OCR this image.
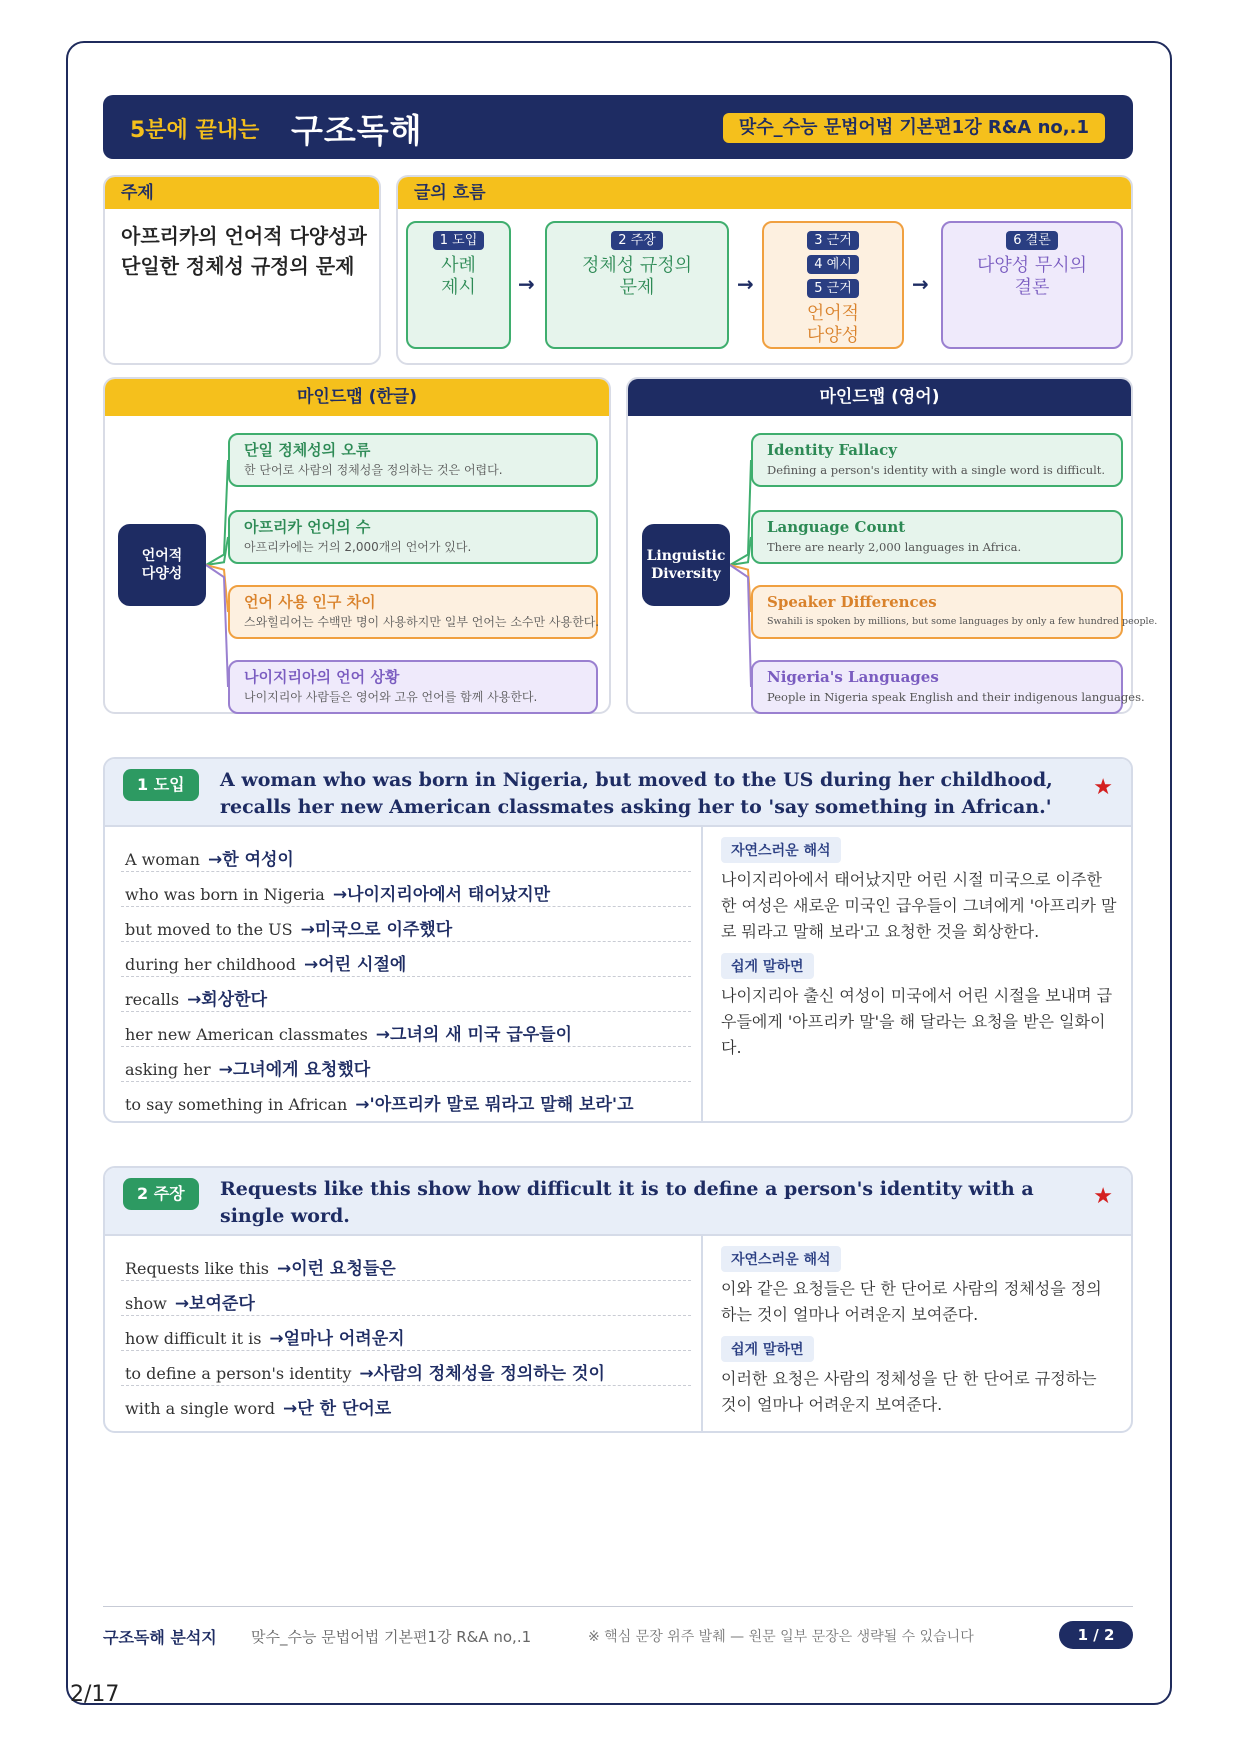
5분에 끝내는 구조독해	맞수_수능 문법어법 기본편1강 R&A no,.1
주제
아프리카의 언어적 다양성과 단일한 정체성 규정의 문제
글의 흐름
1 도입
사례
제시	→
2 주장
정체성 규정의
문제	→
3 근거
4 예시
5 근거
언어적
다양성
→
6 결론
다양성 무시의
결론
마인드맵 (한글)	마인드맵 (영어)
언어적
다양성
단일 정체성의 오류
한 단어로 사람의 정체성을 정의하는 것은 어렵다.
아프리카 언어의 수
아프리카에는 거의 2,000개의 언어가 있다.
언어 사용 인구 차이
스와힐리어는 수백만 명이 사용하지만 일부 언어는 소수만 사용한다.
나이지리아의 언어 상황
나이지리아 사람들은 영어와 고유 언어를 함께 사용한다.
Linguistic
Diversity
Identity Fallacy
Defining a person's identity with a single word is difficult.
Language Count
There are nearly 2,000 languages in Africa.
Speaker Differences
Swahili is spoken by millions, but some languages by only a few hundred people.
Nigeria's Languages
People in Nigeria speak English and their indigenous languages.
1 도입	A woman who was born in Nigeria, but moved to the US during her childhood, recalls her new American classmates asking her to 'say something in African.'
★
A woman →한 여성이
who was born in Nigeria →나이지리아에서 태어났지만
but moved to the US →미국으로 이주했다
during her childhood →어린 시절에
recalls →회상한다
her new American classmates →그녀의 새 미국 급우들이
asking her →그녀에게 요청했다
to say something in African →'아프리카 말로 뭐라고 말해 보라'고
자연스러운 해석
나이지리아에서 태어났지만 어린 시절 미국으로 이주한 한 여성은 새로운 미국인 급우들이 그녀에게 '아프리카 말로 뭐라고 말해 보라'고 요청한 것을 회상한다.
쉽게 말하면
나이지리아 출신 여성이 미국에서 어린 시절을 보내며 급우들에게 '아프리카 말'을 해 달라는 요청을 받은 일화이다.
2 주장	Requests like this show how difficult it is to define a person's identity with a single word.
★
Requests like this →이런 요청들은
show →보여준다
how difficult it is →얼마나 어려운지
to define a person's identity →사람의 정체성을 정의하는 것이
with a single word →단 한 단어로
자연스러운 해석
이와 같은 요청들은 단 한 단어로 사람의 정체성을 정의하는 것이 얼마나 어려운지 보여준다.
쉽게 말하면
이러한 요청은 사람의 정체성을 단 한 단어로 규정하는 것이 얼마나 어려운지 보여준다.
구조독해 분석지 맞수_수능 문법어법 기본편1강 R&A no,.1	※ 핵심 문장 위주 발췌 — 원문 일부 문장은 생략될 수 있습니다	1 / 2
2/17
